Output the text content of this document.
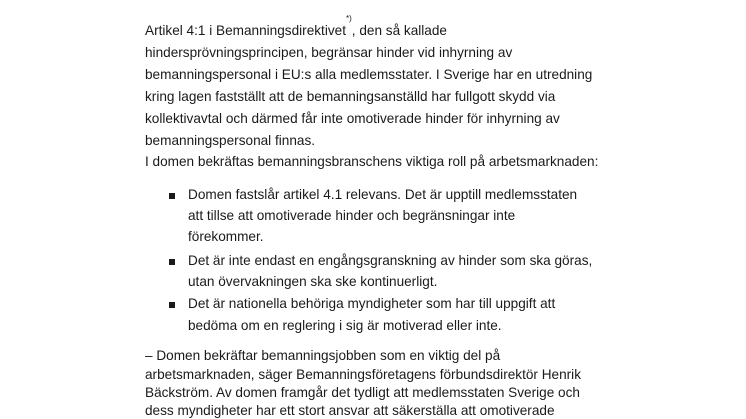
Artikel 4:1 i Bemanningsdirektivet*), den så kallade
hindersprövningsprincipen, begränsar hinder vid inhyrning av
bemanningspersonal i EU:s alla medlemsstater. I Sverige har en utredning
kring lagen fastställt att de bemanningsanställd har fullgott skydd via
kollektivavtal och därmed får inte omotiverade hinder för inhyrning av
bemanningspersonal finnas.
I domen bekräftas bemanningsbranschens viktiga roll på arbetsmarknaden:
Domen fastslår artikel 4.1 relevans. Det är upptill medlemsstaten
att tillse att omotiverade hinder och begränsningar inte
förekommer.
Det är inte endast en engångsgranskning av hinder som ska göras,
utan övervakningen ska ske kontinuerligt.
Det är nationella behöriga myndigheter som har till uppgift att
bedöma om en reglering i sig är motiverad eller inte.
– Domen bekräftar bemanningsjobben som en viktig del på
arbetsmarknaden, säger Bemanningsföretagens förbundsdirektör Henrik
Bäckström. Av domen framgår det tydligt att medlemsstaten Sverige och
dess myndigheter har ett stort ansvar att säkerställa att omotiverade
